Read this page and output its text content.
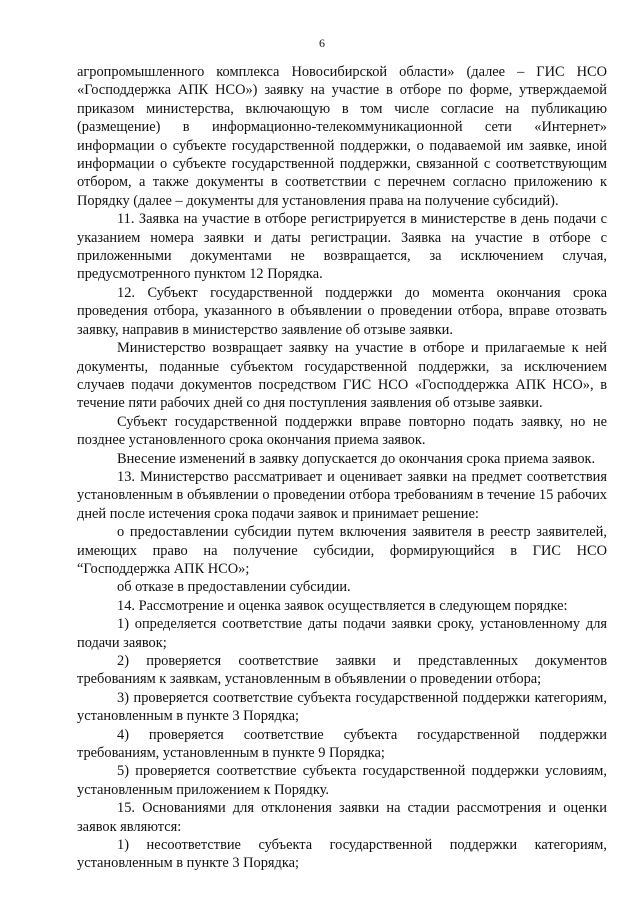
6

агропромышленного комплекса Новосибирской области» (далее – ГИС НСО «Господдержка АПК НСО») заявку на участие в отборе по форме, утверждаемой приказом министерства, включающую в том числе согласие на публикацию (размещение) в информационно-телекоммуникационной сети «Интернет» информации о субъекте государственной поддержки, о подаваемой им заявке, иной информации о субъекте государственной поддержки, связанной с соответствующим отбором, а также документы в соответствии с перечнем согласно приложению к Порядку (далее – документы для установления права на получение субсидий).

11. Заявка на участие в отборе регистрируется в министерстве в день подачи с указанием номера заявки и даты регистрации. Заявка на участие в отборе с приложенными документами не возвращается, за исключением случая, предусмотренного пунктом 12 Порядка.

12. Субъект государственной поддержки до момента окончания срока проведения отбора, указанного в объявлении о проведении отбора, вправе отозвать заявку, направив в министерство заявление об отзыве заявки.

Министерство возвращает заявку на участие в отборе и прилагаемые к ней документы, поданные субъектом государственной поддержки, за исключением случаев подачи документов посредством ГИС НСО «Господдержка АПК НСО», в течение пяти рабочих дней со дня поступления заявления об отзыве заявки.

Субъект государственной поддержки вправе повторно подать заявку, но не позднее установленного срока окончания приема заявок.

Внесение изменений в заявку допускается до окончания срока приема заявок.

13. Министерство рассматривает и оценивает заявки на предмет соответствия установленным в объявлении о проведении отбора требованиям в течение 15 рабочих дней после истечения срока подачи заявок и принимает решение:

о предоставлении субсидии путем включения заявителя в реестр заявителей, имеющих право на получение субсидии, формирующийся в ГИС НСО “Господдержка АПК НСО»;

об отказе в предоставлении субсидии.

14. Рассмотрение и оценка заявок осуществляется в следующем порядке:

1) определяется соответствие даты подачи заявки сроку, установленному для подачи заявок;

2) проверяется соответствие заявки и представленных документов требованиям к заявкам, установленным в объявлении о проведении отбора;

3) проверяется соответствие субъекта государственной поддержки категориям, установленным в пункте 3 Порядка;

4) проверяется соответствие субъекта государственной поддержки требованиям, установленным в пункте 9 Порядка;

5) проверяется соответствие субъекта государственной поддержки условиям, установленным приложением к Порядку.

15. Основаниями для отклонения заявки на стадии рассмотрения и оценки заявок являются:

1) несоответствие субъекта государственной поддержки категориям, установленным в пункте 3 Порядка;
